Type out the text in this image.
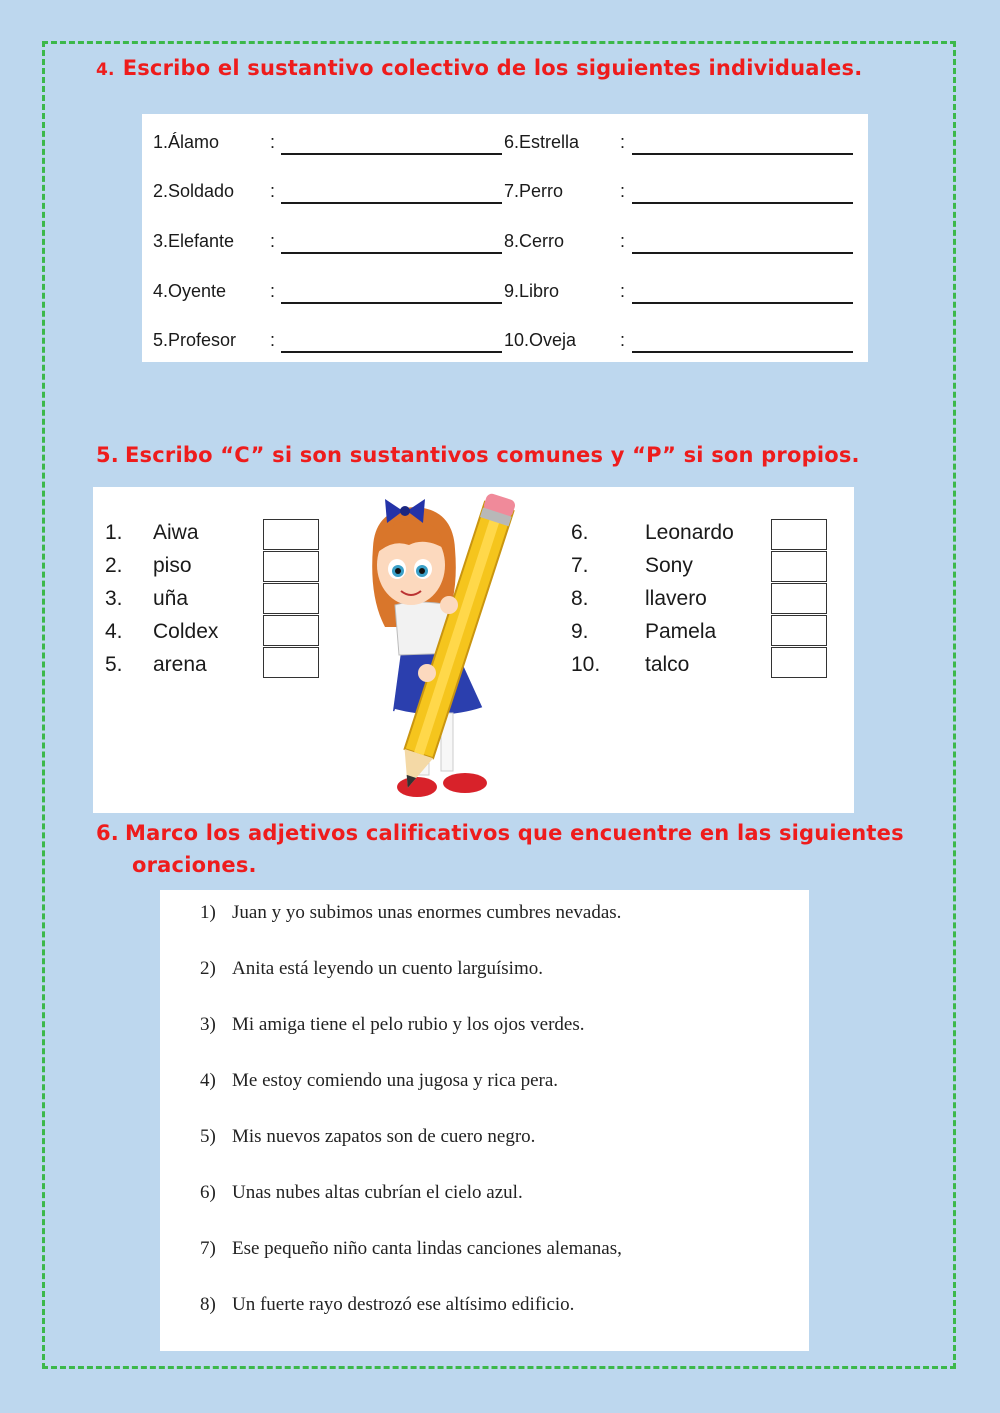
4. Escribo el sustantivo colectivo de los siguientes individuales.
1.Álamo	:	6.Estrella :
2.Soldado :	7.Perro	:
3.Elefante :	8.Cerro	:
4.Oyente :	9.Libro	:
5.Profesor :	10.Oveja :
5. Escribo “C” si son sustantivos comunes y “P” si son propios.
1. Aiwa
2. piso
3. uña
4. Coldex
5. arena
6.	Leonardo
7.	Sony
8.	llavero
9.	Pamela
10. talco
6. Marco los adjetivos calificativos que encuentre en las siguientes
oraciones.
1) Juan y yo subimos unas enormes cumbres nevadas.
2) Anita está leyendo un cuento larguísimo.
3) Mi amiga tiene el pelo rubio y los ojos verdes.
4) Me estoy comiendo una jugosa y rica pera.
5) Mis nuevos zapatos son de cuero negro.
6) Unas nubes altas cubrían el cielo azul.
7) Ese pequeño niño canta lindas canciones alemanas,
8) Un fuerte rayo destrozó ese altísimo edificio.
